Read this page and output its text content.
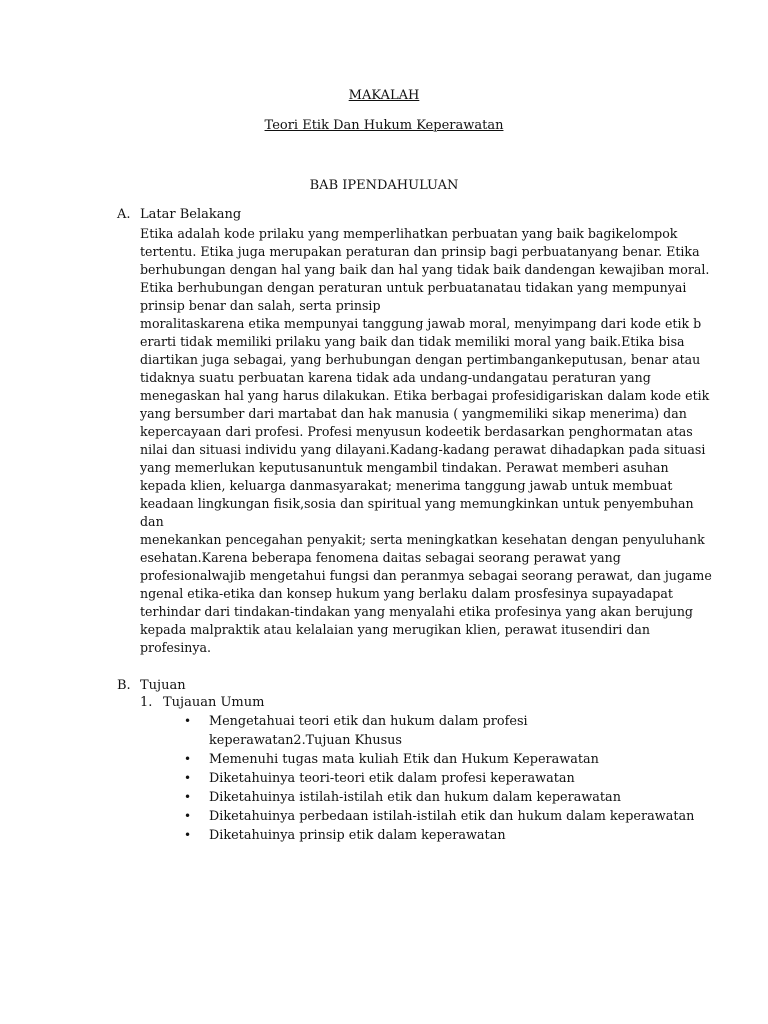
MAKALAH
Teori Etik Dan Hukum Keperawatan
BAB IPENDAHULUAN
A. Latar Belakang
Etika adalah kode prilaku yang memperlihatkan perbuatan yang baik bagikelompok
tertentu. Etika juga merupakan peraturan dan prinsip bagi perbuatanyang benar. Etika
berhubungan dengan hal yang baik dan hal yang tidak baik dandengan kewajiban moral.
Etika berhubungan dengan peraturan untuk perbuatanatau tidakan yang mempunyai
prinsip benar dan salah, serta prinsip
moralitaskarena etika mempunyai tanggung jawab moral, menyimpang dari kode etik b
erarti tidak memiliki prilaku yang baik dan tidak memiliki moral yang baik.Etika bisa
diartikan juga sebagai, yang berhubungan dengan pertimbangankeputusan, benar atau
tidaknya suatu perbuatan karena tidak ada undang-undangatau peraturan yang
menegaskan hal yang harus dilakukan. Etika berbagai profesidigariskan dalam kode etik
yang bersumber dari martabat dan hak manusia ( yangmemiliki sikap menerima) dan
kepercayaan dari profesi. Profesi menyusun kodeetik berdasarkan penghormatan atas
nilai dan situasi individu yang dilayani.Kadang-kadang perawat dihadapkan pada situasi
yang memerlukan keputusanuntuk mengambil tindakan. Perawat memberi asuhan
kepada klien, keluarga danmasyarakat; menerima tanggung jawab untuk membuat
keadaan lingkungan fisik,sosia dan spiritual yang memungkinkan untuk penyembuhan
dan
menekankan pencegahan penyakit; serta meningkatkan kesehatan dengan penyuluhank
esehatan.Karena beberapa fenomena daitas sebagai seorang perawat yang
profesionalwajib mengetahui fungsi dan peranmya sebagai seorang perawat, dan jugame
ngenal etika-etika dan konsep hukum yang berlaku dalam prosfesinya supayadapat
terhindar dari tindakan-tindakan yang menyalahi etika profesinya yang akan berujung
kepada malpraktik atau kelalaian yang merugikan klien, perawat itusendiri dan
profesinya.
B. Tujuan
1. Tujauan Umum
• Mengetahuai teori etik dan hukum dalam profesi
keperawatan2.Tujuan Khusus
• Memenuhi tugas mata kuliah Etik dan Hukum Keperawatan
• Diketahuinya teori-teori etik dalam profesi keperawatan
• Diketahuinya istilah-istilah etik dan hukum dalam keperawatan
• Diketahuinya perbedaan istilah-istilah etik dan hukum dalam keperawatan
• Diketahuinya prinsip etik dalam keperawatan
